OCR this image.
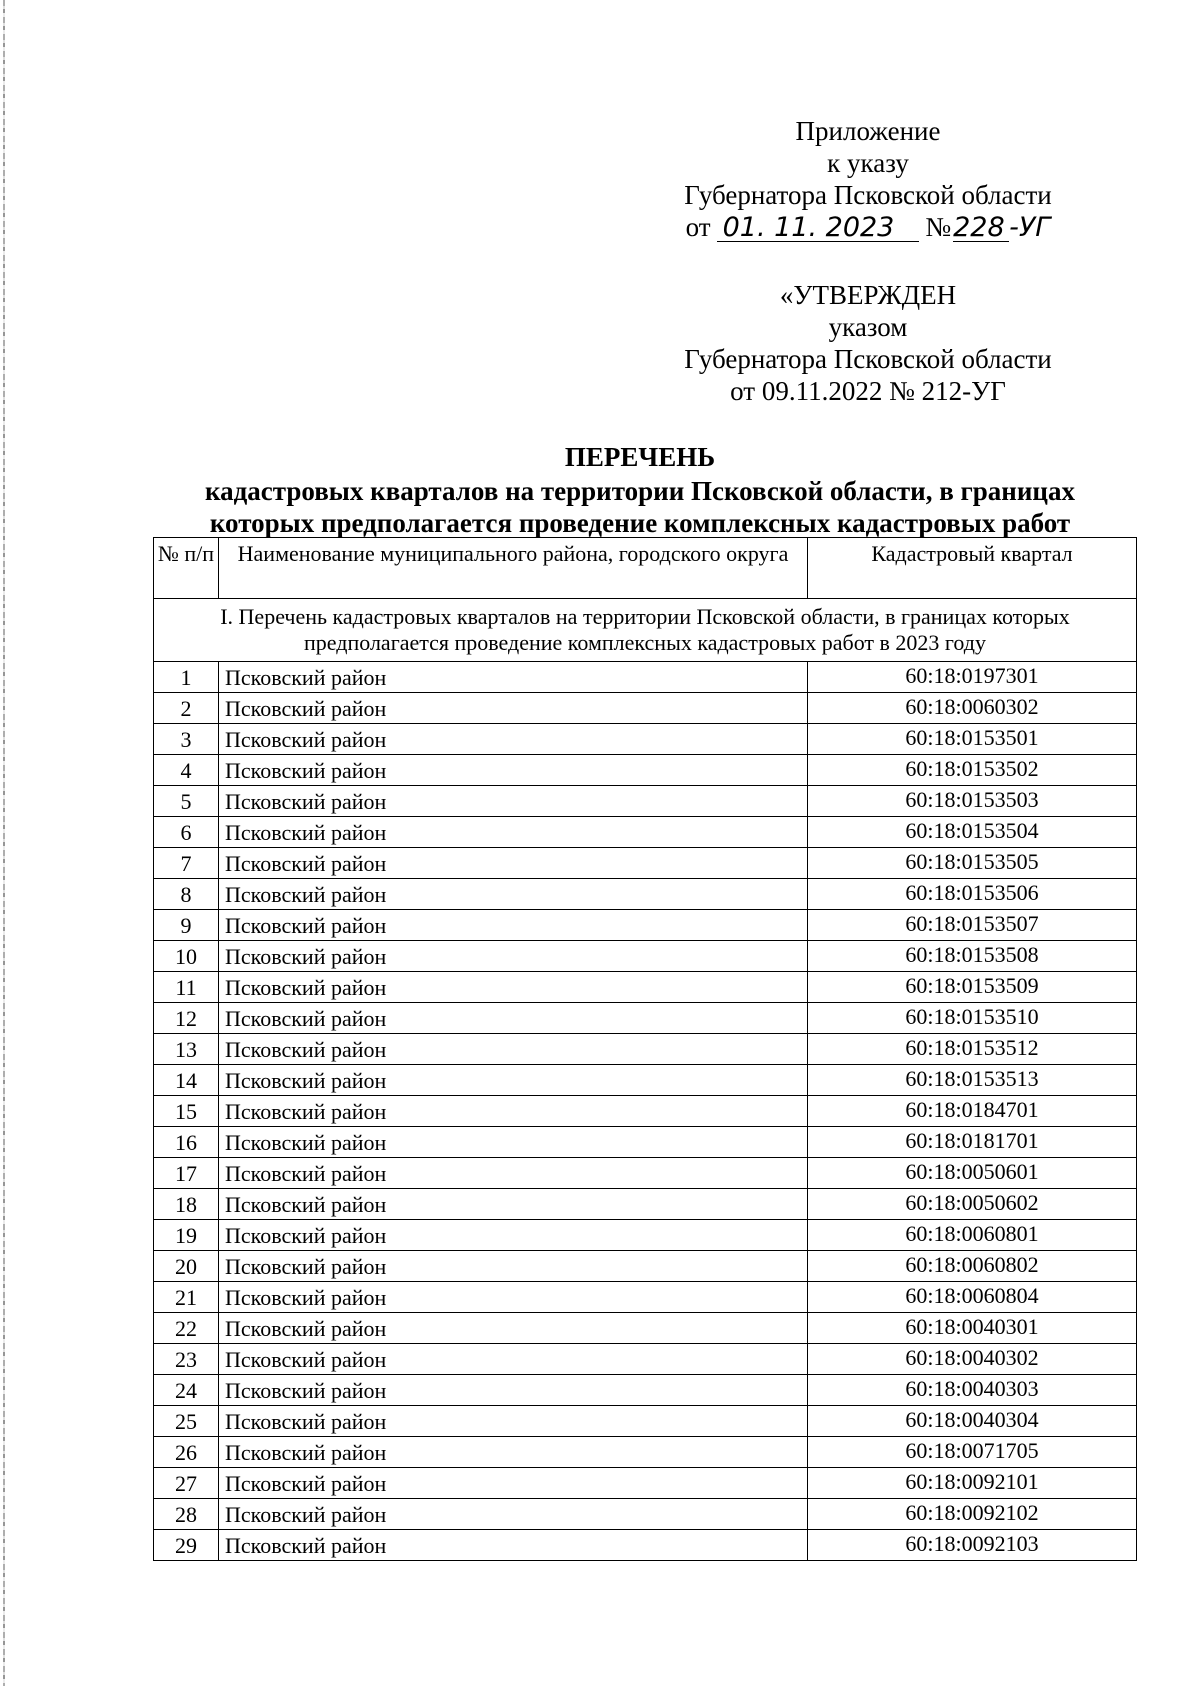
Приложение
к указу
Губернатора Псковской области
от 01. 11. 2023 №228 -УГ
«УТВЕРЖДЕН
указом
Губернатора Псковской области
от 09.11.2022 № 212-УГ
ПЕРЕЧЕНЬ
кадастровых кварталов на территории Псковской области, в границах
которых предполагается проведение комплексных кадастровых работ
№ п/п	Наименование муниципального района, городского округа	Кадастровый квартал
I. Перечень кадастровых кварталов на территории Псковской области, в границах которых предполагается проведение комплексных кадастровых работ в 2023 году		
1	Псковский район	60:18:0197301
2	Псковский район	60:18:0060302
3	Псковский район	60:18:0153501
4	Псковский район	60:18:0153502
5	Псковский район	60:18:0153503
6	Псковский район	60:18:0153504
7	Псковский район	60:18:0153505
8	Псковский район	60:18:0153506
9	Псковский район	60:18:0153507
10	Псковский район	60:18:0153508
11	Псковский район	60:18:0153509
12	Псковский район	60:18:0153510
13	Псковский район	60:18:0153512
14	Псковский район	60:18:0153513
15	Псковский район	60:18:0184701
16	Псковский район	60:18:0181701
17	Псковский район	60:18:0050601
18	Псковский район	60:18:0050602
19	Псковский район	60:18:0060801
20	Псковский район	60:18:0060802
21	Псковский район	60:18:0060804
22	Псковский район	60:18:0040301
23	Псковский район	60:18:0040302
24	Псковский район	60:18:0040303
25	Псковский район	60:18:0040304
26	Псковский район	60:18:0071705
27	Псковский район	60:18:0092101
28	Псковский район	60:18:0092102
29	Псковский район	60:18:0092103
